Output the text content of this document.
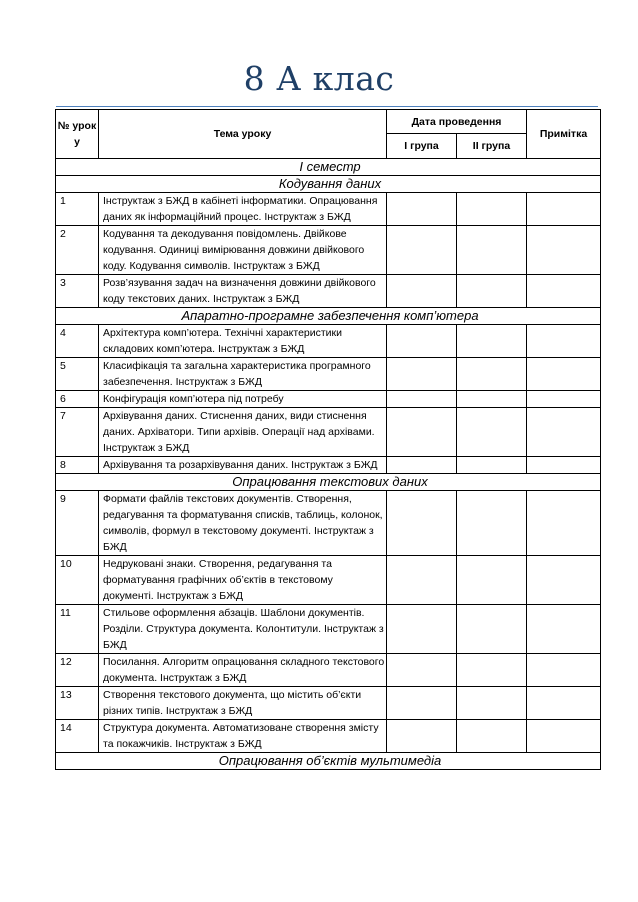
8 А клас
№ урок у	Тема уроку	Дата проведення		Примітка
		I група	II група	
I семестр				
Кодування даних				
1	Інструктаж з БЖД в кабінеті інформатики. Опрацювання даних як інформаційний процес. Інструктаж з БЖД			
2	Кодування та декодування повідомлень. Двійкове кодування. Одиниці вимірювання довжини двійкового коду. Кодування символів. Інструктаж з БЖД			
3	Розв’язування задач на визначення довжини двійкового коду текстових даних. Інструктаж з БЖД			
Апаратно-програмне забезпечення комп’ютера				
4	Архітектура комп’ютера. Технічні характеристики складових комп’ютера. Інструктаж з БЖД			
5	Класифікація та загальна характеристика програмного забезпечення. Інструктаж з БЖД			
6	Конфігурація комп’ютера під потребу			
7	Архівування даних. Стиснення даних, види стиснення даних. Архіватори. Типи архівів. Операції над архівами. Інструктаж з БЖД			
8	Архівування та розархівування даних. Інструктаж з БЖД			
Опрацювання текстових даних				
9	Формати файлів текстових документів. Створення, редагування та форматування списків, таблиць, колонок, символів, формул в текстовому документі. Інструктаж з БЖД			
10	Недруковані знаки. Створення, редагування та форматування графічних об’єктів в текстовому документі. Інструктаж з БЖД			
11	Стильове оформлення абзаців. Шаблони документів. Розділи. Структура документа. Колонтитули. Інструктаж з БЖД			
12	Посилання. Алгоритм опрацювання складного текстового документа. Інструктаж з БЖД			
13	Створення текстового документа, що містить об’єкти різних типів. Інструктаж з БЖД			
14	Структура документа. Автоматизоване створення змісту та покажчиків. Інструктаж з БЖД			
Опрацювання об’єктів мультимедіа				
